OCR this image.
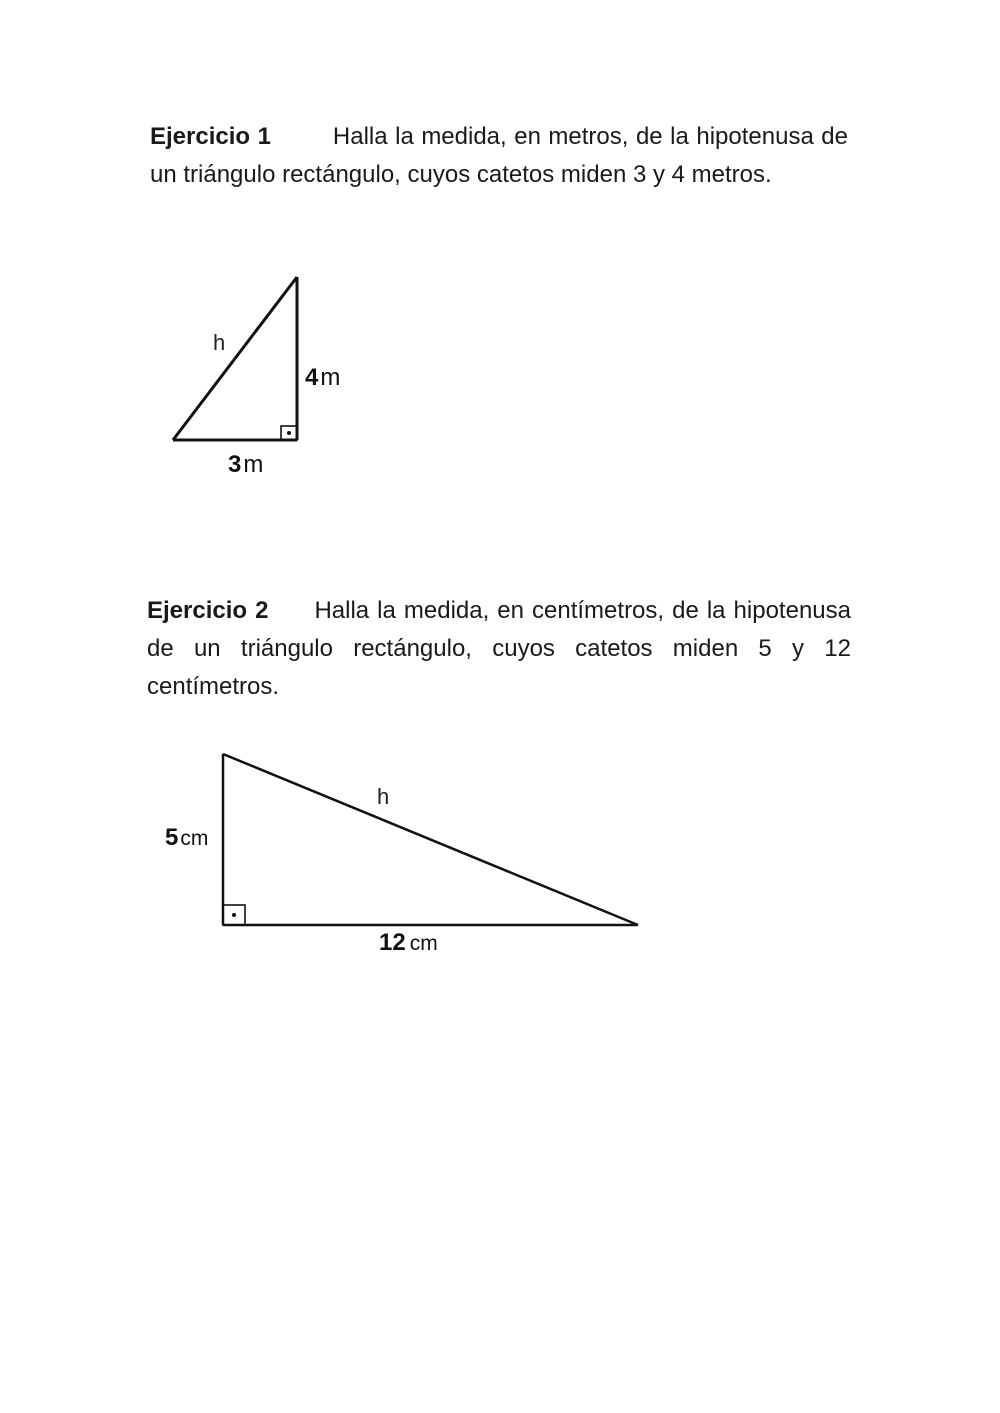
Ejercicio 1	Halla la medida, en metros, de la hipotenusa de un triángulo rectángulo, cuyos catetos miden 3 y 4 metros.
Ejercicio 2 Halla la medida, en centímetros, de la hipotenusa de un triángulo rectángulo, cuyos catetos miden 5 y 12 centímetros.
h
4m
3m
h
5cm
12 cm
